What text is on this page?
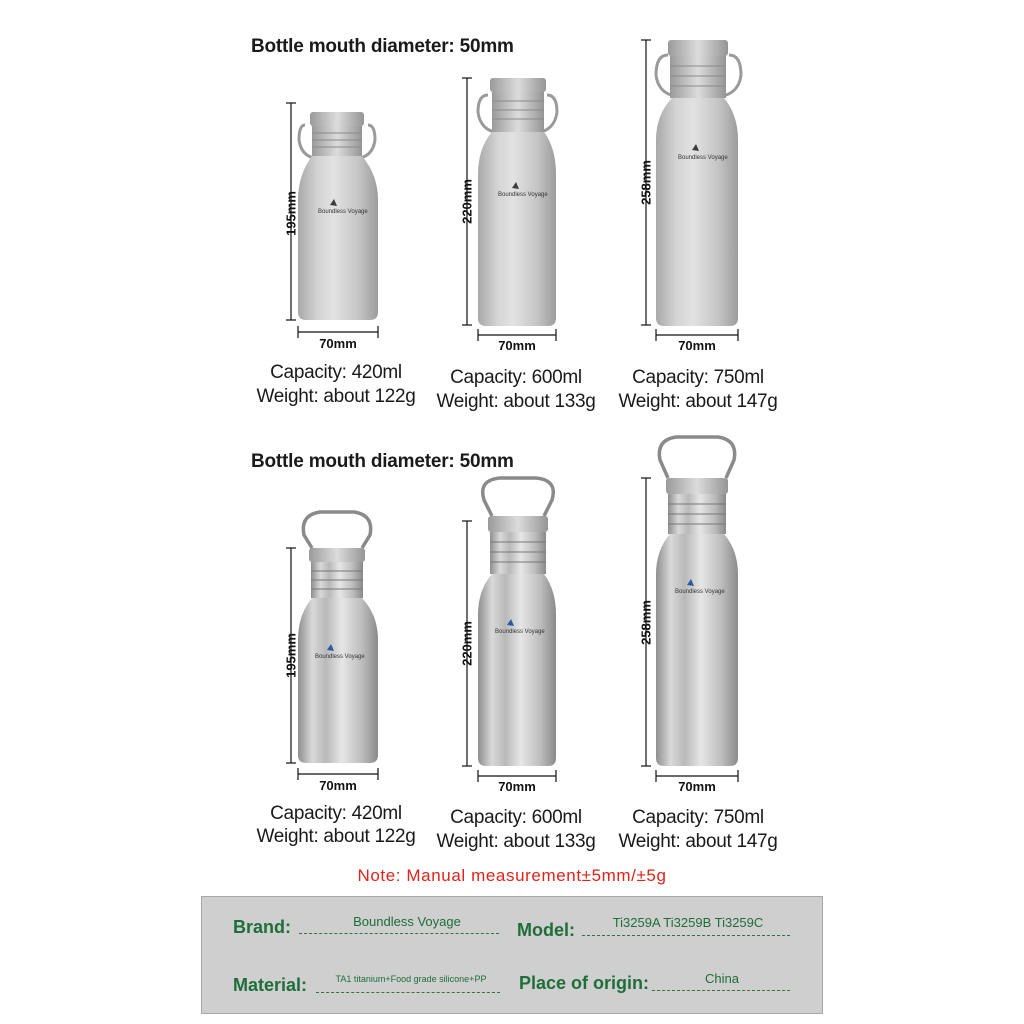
Bottle mouth diameter: 50mm
Bottle mouth diameter: 50mm
Boundless Voyage
Boundless Voyage
Boundless Voyage
Boundless Voyage
Boundless Voyage
Boundless Voyage
195mm
70mm
220mm
70mm
258mm
70mm
Capacity: 420ml
Weight: about 122g
Capacity: 600ml
Weight: about 133g
Capacity: 750ml
Weight: about 147g
195mm
70mm
220mm
70mm
258mm
70mm
Capacity: 420ml
Weight: about 122g
Capacity: 600ml
Weight: about 133g
Capacity: 750ml
Weight: about 147g
Note: Manual measurement±5mm/±5g
Brand:	Boundless Voyage	Model:	Ti3259A Ti3259B Ti3259C
Material:	TA1 titanium+Food grade silicone+PP	Place of origin:	China
